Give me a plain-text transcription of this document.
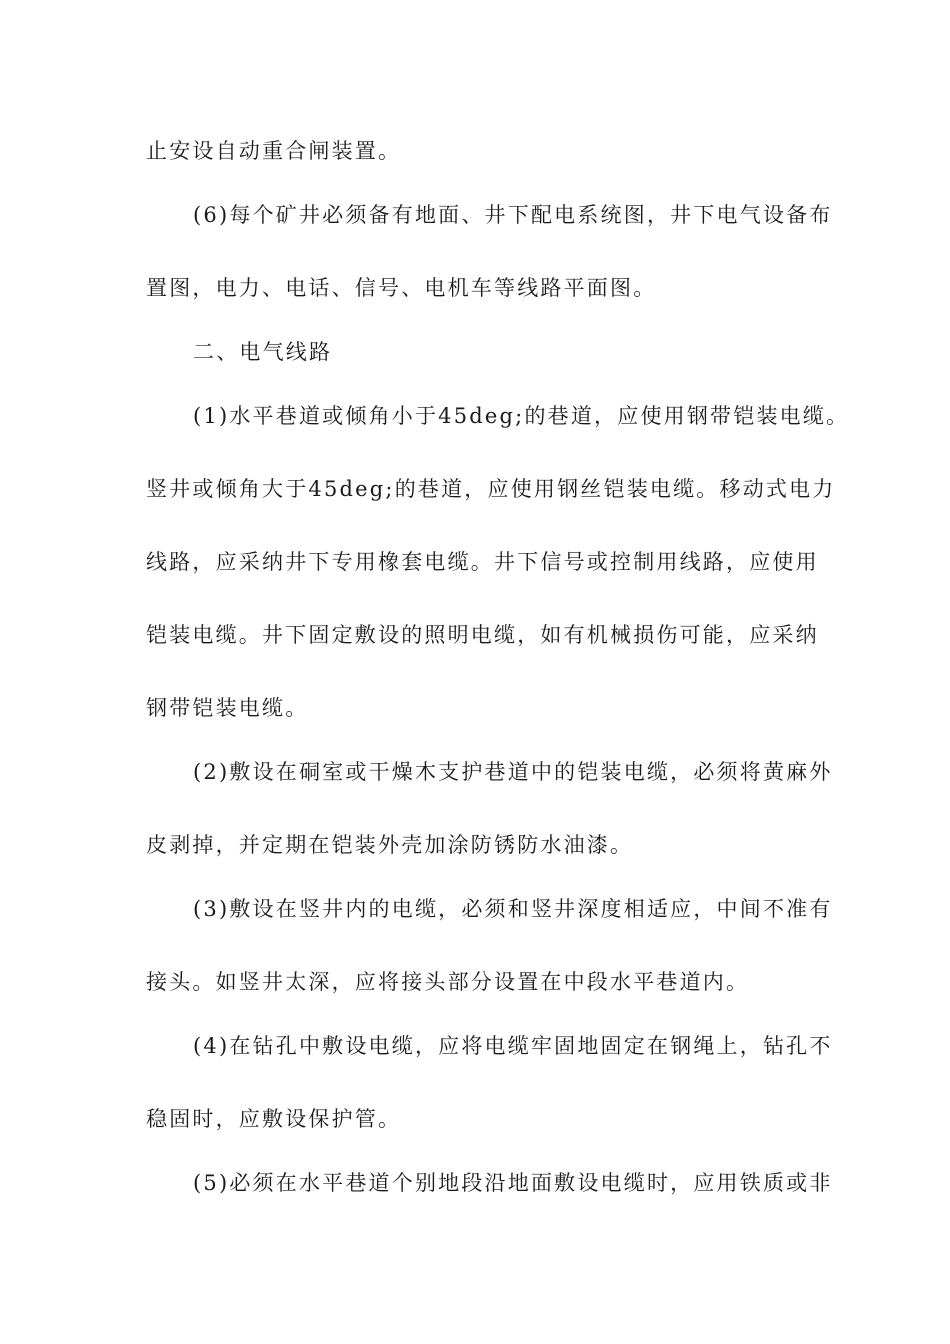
止安设自动重合闸装置。
(6)每个矿井必须备有地面、井下配电系统图，井下电气设备布
置图，电力、电话、信号、电机车等线路平面图。
二、电气线路
(1)水平巷道或倾角小于45deg;的巷道，应使用钢带铠装电缆。
竖井或倾角大于45deg;的巷道，应使用钢丝铠装电缆。移动式电力
线路，应采纳井下专用橡套电缆。井下信号或控制用线路，应使用
铠装电缆。井下固定敷设的照明电缆，如有机械损伤可能，应采纳
钢带铠装电缆。
(2)敷设在硐室或干燥木支护巷道中的铠装电缆，必须将黄麻外
皮剥掉，并定期在铠装外壳加涂防锈防水油漆。
(3)敷设在竖井内的电缆，必须和竖井深度相适应，中间不准有
接头。如竖井太深，应将接头部分设置在中段水平巷道内。
(4)在钻孔中敷设电缆，应将电缆牢固地固定在钢绳上，钻孔不
稳固时，应敷设保护管。
(5)必须在水平巷道个别地段沿地面敷设电缆时，应用铁质或非
